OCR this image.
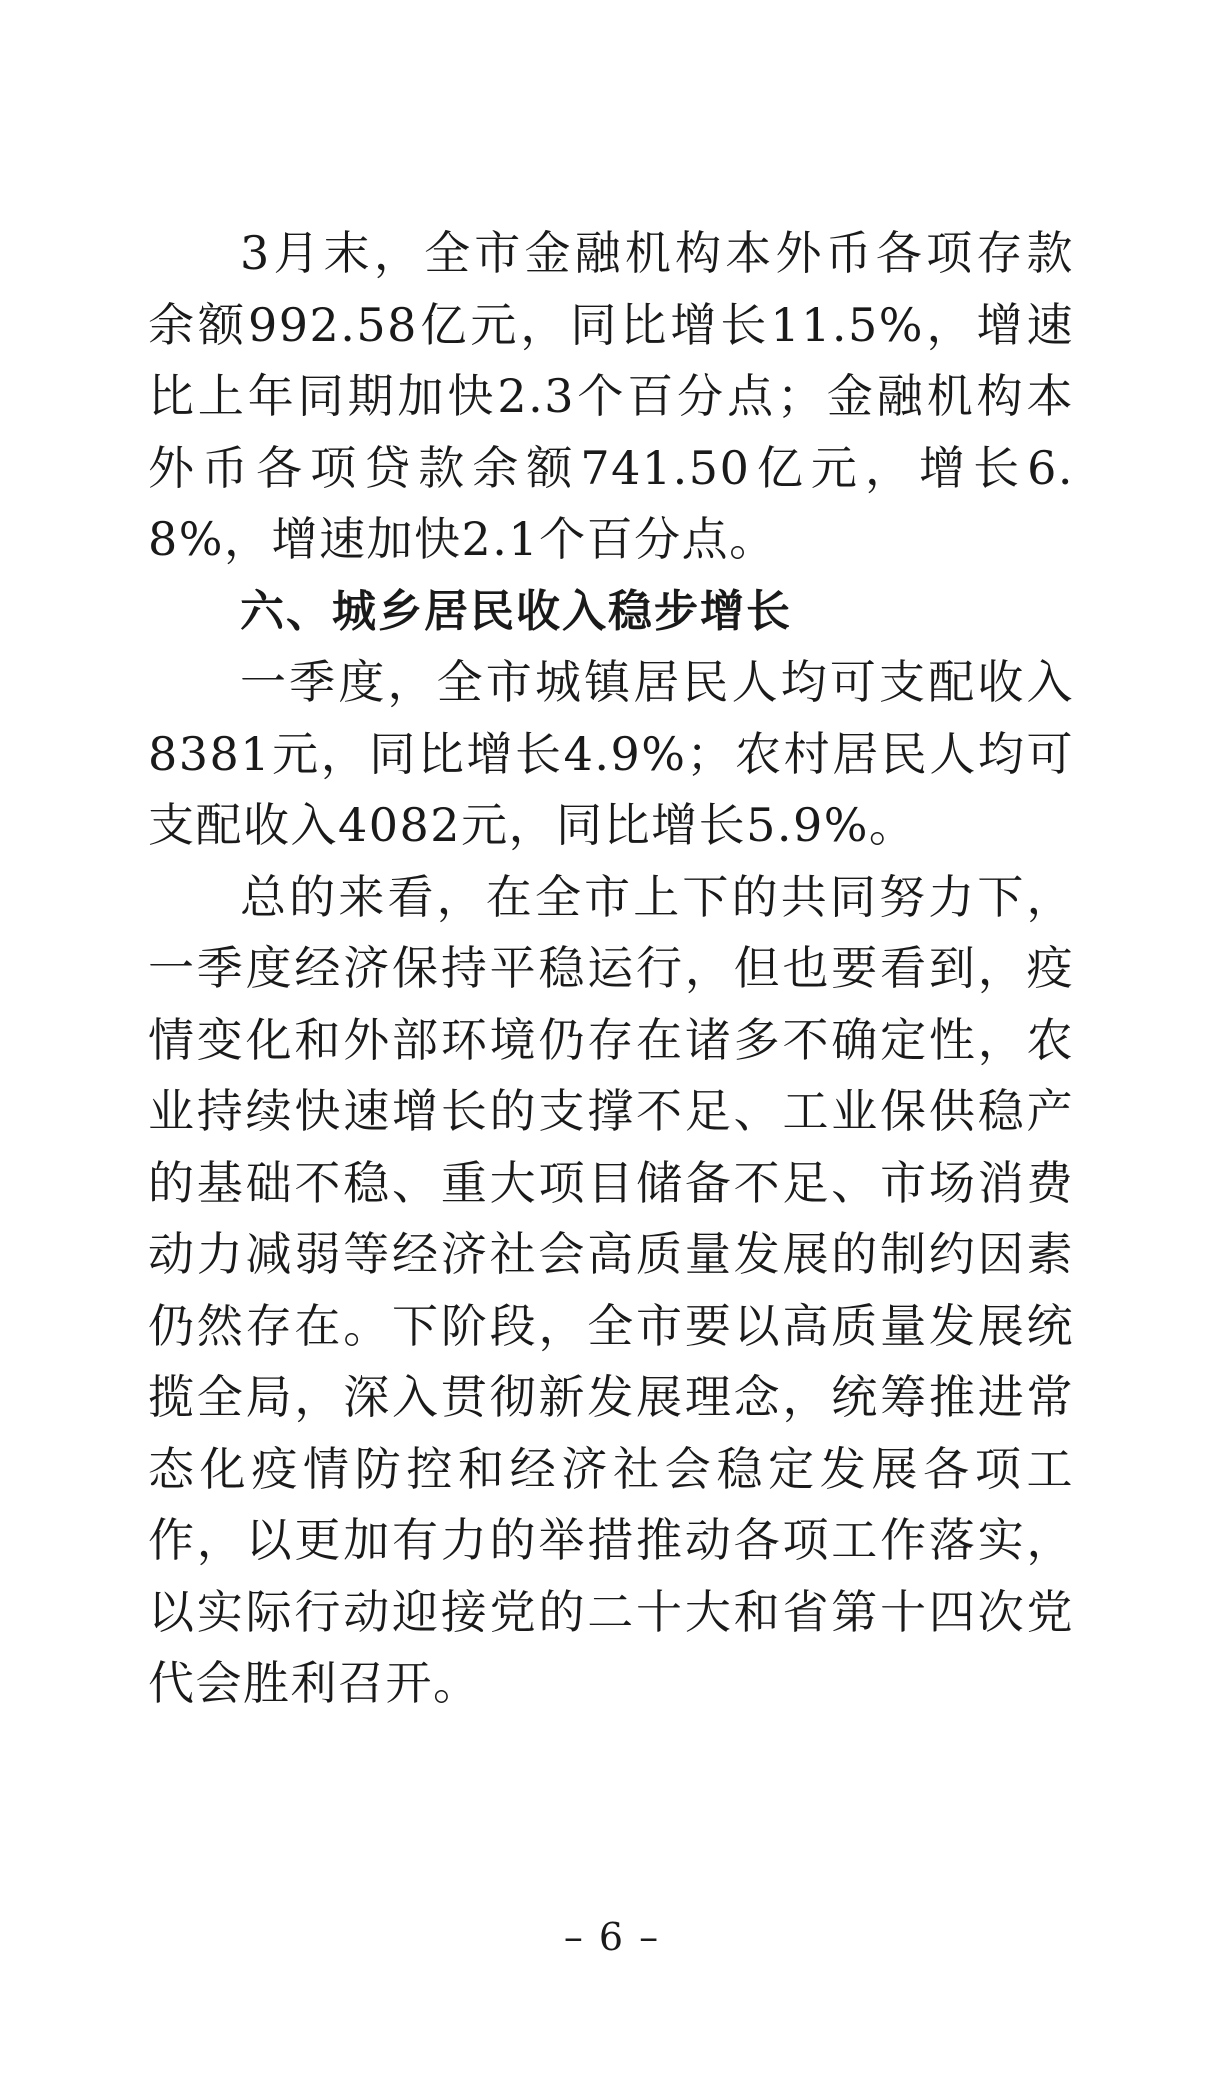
3月末，全市金融机构本外币各项存款余额992.58亿元，同比增长11.5%，增速比上年同期加快2.3个百分点；金融机构本外币各项贷款余额741.50亿元，增长6.8%，增速加快2.1个百分点。

六、城乡居民收入稳步增长

一季度，全市城镇居民人均可支配收入8381元，同比增长4.9%；农村居民人均可支配收入4082元，同比增长5.9%。

总的来看，在全市上下的共同努力下，一季度经济保持平稳运行，但也要看到，疫情变化和外部环境仍存在诸多不确定性，农业持续快速增长的支撑不足、工业保供稳产的基础不稳、重大项目储备不足、市场消费动力减弱等经济社会高质量发展的制约因素仍然存在。下阶段，全市要以高质量发展统揽全局，深入贯彻新发展理念，统筹推进常态化疫情防控和经济社会稳定发展各项工作，以更加有力的举措推动各项工作落实，以实际行动迎接党的二十大和省第十四次党代会胜利召开。

– 6 –
